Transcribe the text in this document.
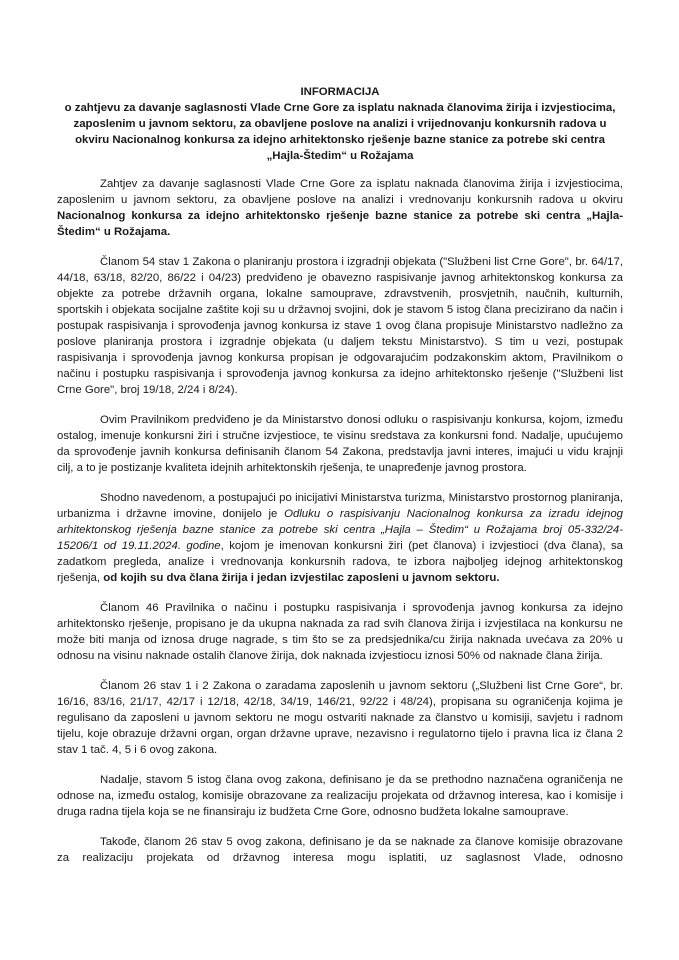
INFORMACIJA
o zahtjevu za davanje saglasnosti Vlade Crne Gore za isplatu naknada članovima žirija i izvjestiocima, zaposlenim u javnom sektoru, za obavljene poslove na analizi i vrijednovanju konkursnih radova u okviru Nacionalnog konkursa za idejno arhitektonsko rješenje bazne stanice za potrebe ski centra „Hajla-Štedim“ u Rožajama

Zahtjev za davanje saglasnosti Vlade Crne Gore za isplatu naknada članovima žirija i izvjestiocima, zaposlenim u javnom sektoru, za obavljene poslove na analizi i vrednovanju konkursnih radova u okviru Nacionalnog konkursa za idejno arhitektonsko rješenje bazne stanice za potrebe ski centra „Hajla-Štedim“ u Rožajama.

Članom 54 stav 1 Zakona o planiranju prostora i izgradnji objekata ("Službeni list Crne Gore", br. 64/17, 44/18, 63/18, 82/20, 86/22 i 04/23) predviđeno je obavezno raspisivanje javnog arhitektonskog konkursa za objekte za potrebe državnih organa, lokalne samouprave, zdravstvenih, prosvjetnih, naučnih, kulturnih, sportskih i objekata socijalne zaštite koji su u državnoj svojini, dok je stavom 5 istog člana precizirano da način i postupak raspisivanja i sprovođenja javnog konkursa iz stave 1 ovog člana propisuje Ministarstvo nadležno za poslove planiranja prostora i izgradnje objekata (u daljem tekstu Ministarstvo). S tim u vezi, postupak raspisivanja i sprovođenja javnog konkursa propisan je odgovarajućim podzakonskim aktom, Pravilnikom o načinu i postupku raspisivanja i sprovođenja javnog konkursa za idejno arhitektonsko rješenje ("Službeni list Crne Gore", broj 19/18, 2/24 i 8/24).

Ovim Pravilnikom predviđeno je da Ministarstvo donosi odluku o raspisivanju konkursa, kojom, između ostalog, imenuje konkursni žiri i stručne izvjestioce, te visinu sredstava za konkursni fond. Nadalje, upućujemo da sprovođenje javnih konkursa definisanih članom 54 Zakona, predstavlja javni interes, imajući u vidu krajnji cilj, a to je postizanje kvaliteta idejnih arhitektonskih rješenja, te unapređenje javnog prostora.

Shodno navedenom, a postupajući po inicijativi Ministarstva turizma, Ministarstvo prostornog planiranja, urbanizma i državne imovine, donijelo je Odluku o raspisivanju Nacionalnog konkursa za izradu idejnog arhitektonskog rješenja bazne stanice za potrebe ski centra „Hajla – Štedim“ u Rožajama broj 05-332/24-15206/1 od 19.11.2024. godine, kojom je imenovan konkursni žiri (pet članova) i izvjestioci (dva člana), sa zadatkom pregleda, analize i vrednovanja konkursnih radova, te izbora najboljeg idejnog arhitektonskog rješenja, od kojih su dva člana žirija i jedan izvjestilac zaposleni u javnom sektoru.

Članom 46 Pravilnika o načinu i postupku raspisivanja i sprovođenja javnog konkursa za idejno arhitektonsko rješenje, propisano je da ukupna naknada za rad svih članova žirija i izvjestilaca na konkursu ne može biti manja od iznosa druge nagrade, s tim što se za predsjednika/cu žirija naknada uvećava za 20% u odnosu na visinu naknade ostalih članove žirija, dok naknada izvjestiocu iznosi 50% od naknade člana žirija.

Članom 26 stav 1 i 2 Zakona o zaradama zaposlenih u javnom sektoru („Službeni list Crne Gore“, br. 16/16, 83/16, 21/17, 42/17 i 12/18, 42/18, 34/19, 146/21, 92/22 i 48/24), propisana su ograničenja kojima je regulisano da zaposleni u javnom sektoru ne mogu ostvariti naknade za članstvo u komisiji, savjetu i radnom tijelu, koje obrazuje državni organ, organ državne uprave, nezavisno i regulatorno tijelo i pravna lica iz člana 2 stav 1 tač. 4, 5 i 6 ovog zakona.

Nadalje, stavom 5 istog člana ovog zakona, definisano je da se prethodno naznačena ograničenja ne odnose na, između ostalog, komisije obrazovane za realizaciju projekata od državnog interesa, kao i komisije i druga radna tijela koja se ne finansiraju iz budžeta Crne Gore, odnosno budžeta lokalne samouprave.

Takođe, članom 26 stav 5 ovog zakona, definisano je da se naknade za članove komisije obrazovane za realizaciju projekata od državnog interesa mogu isplatiti, uz saglasnost Vlade, odnosno
